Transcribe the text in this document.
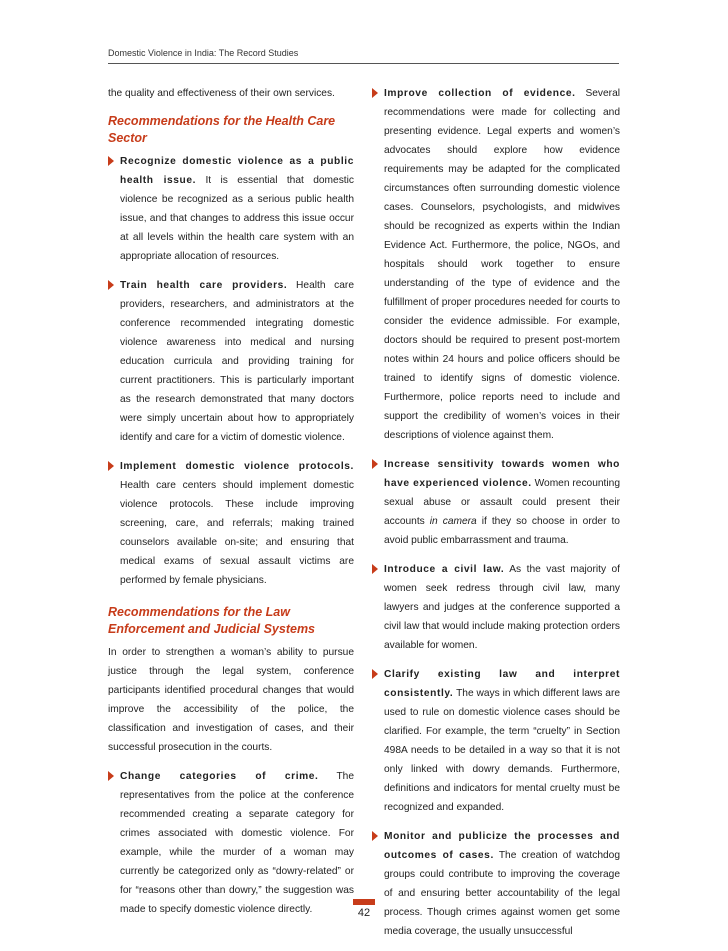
Domestic Violence in India: The Record Studies

the quality and effectiveness of their own services.

Recommendations for the Health Care Sector
Recognize domestic violence as a public health issue. It is essential that domestic violence be recognized as a serious public health issue, and that changes to address this issue occur at all levels within the health care system with an appropriate allocation of resources.
Train health care providers. Health care providers, researchers, and administrators at the conference recommended integrating domestic violence awareness into medical and nursing education curricula and providing training for current practitioners. This is particularly important as the research demonstrated that many doctors were simply uncertain about how to appropriately identify and care for a victim of domestic violence.
Implement domestic violence protocols. Health care centers should implement domestic violence protocols. These include improving screening, care, and referrals; making trained counselors available on-site; and ensuring that medical exams of sexual assault victims are performed by female physicians.
Recommendations for the Law Enforcement and Judicial Systems

In order to strengthen a woman’s ability to pursue justice through the legal system, conference participants identified procedural changes that would improve the accessibility of the police, the classification and investigation of cases, and their successful prosecution in the courts.

Change categories of crime. The representatives from the police at the conference recommended creating a separate category for crimes associated with domestic violence. For example, while the murder of a woman may currently be categorized only as “dowry-related” or for “reasons other than dowry,” the suggestion was made to specify domestic violence directly.
Improve collection of evidence. Several recommendations were made for collecting and presenting evidence. Legal experts and women’s advocates should explore how evidence requirements may be adapted for the complicated circumstances often surrounding domestic violence cases. Counselors, psychologists, and midwives should be recognized as experts within the Indian Evidence Act. Furthermore, the police, NGOs, and hospitals should work together to ensure understanding of the type of evidence and the fulfillment of proper procedures needed for courts to consider the evidence admissible. For example, doctors should be required to present post-mortem notes within 24 hours and police officers should be trained to identify signs of domestic violence. Furthermore, police reports need to include and support the credibility of women’s voices in their descriptions of violence against them.
Increase sensitivity towards women who have experienced violence. Women recounting sexual abuse or assault could present their accounts in camera if they so choose in order to avoid public embarrassment and trauma.
Introduce a civil law. As the vast majority of women seek redress through civil law, many lawyers and judges at the conference supported a civil law that would include making protection orders available for women.
Clarify existing law and interpret consistently. The ways in which different laws are used to rule on domestic violence cases should be clarified. For example, the term “cruelty” in Section 498A needs to be detailed in a way so that it is not only linked with dowry demands. Furthermore, definitions and indicators for mental cruelty must be recognized and expanded.
Monitor and publicize the processes and outcomes of cases. The creation of watchdog groups could contribute to improving the coverage of and ensuring better accountability of the legal process. Though crimes against women get some media coverage, the usually unsuccessful
42
